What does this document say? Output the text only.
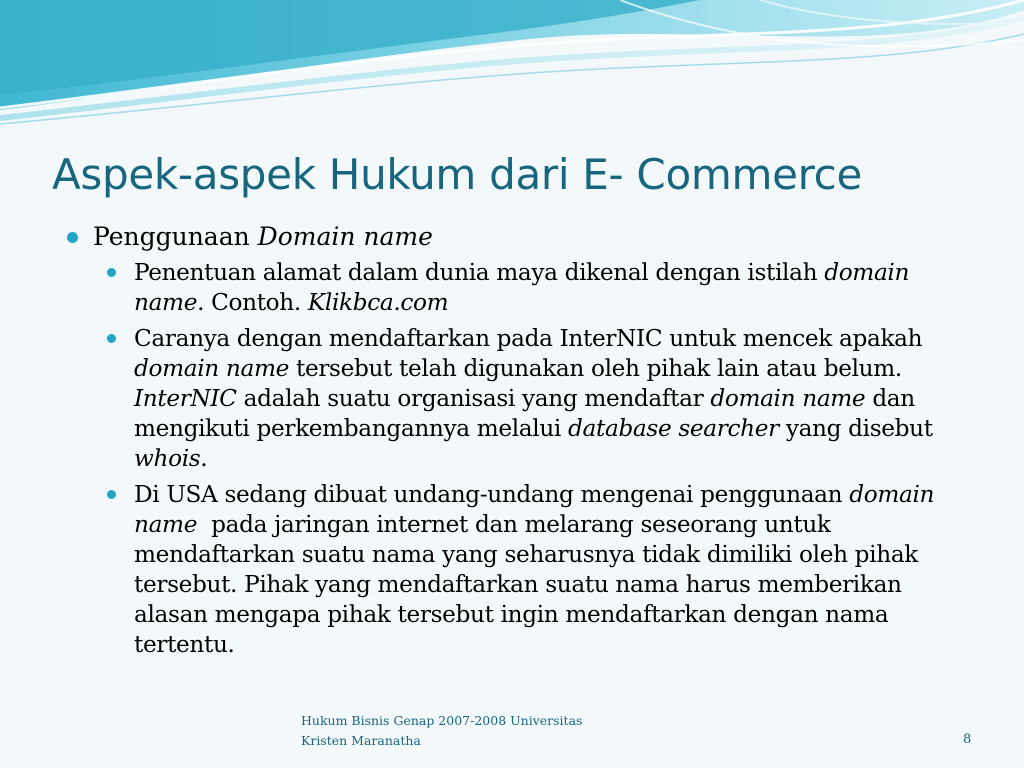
Aspek-aspek Hukum dari E- Commerce
Penggunaan Domain name
Penentuan alamat dalam dunia maya dikenal dengan istilah domain name. Contoh. Klikbca.com
Caranya dengan mendaftarkan pada InterNIC untuk mencek apakah domain name tersebut telah digunakan oleh pihak lain atau belum. InterNIC adalah suatu organisasi yang mendaftar domain name dan mengikuti perkembangannya melalui database searcher yang disebut whois.
Di USA sedang dibuat undang-undang mengenai penggunaan domain name  pada jaringan internet dan melarang seseorang untuk mendaftarkan suatu nama yang seharusnya tidak dimiliki oleh pihak tersebut. Pihak yang mendaftarkan suatu nama harus memberikan alasan mengapa pihak tersebut ingin mendaftarkan dengan nama tertentu.
Hukum Bisnis Genap 2007-2008 Universitas
Kristen Maranatha	8
